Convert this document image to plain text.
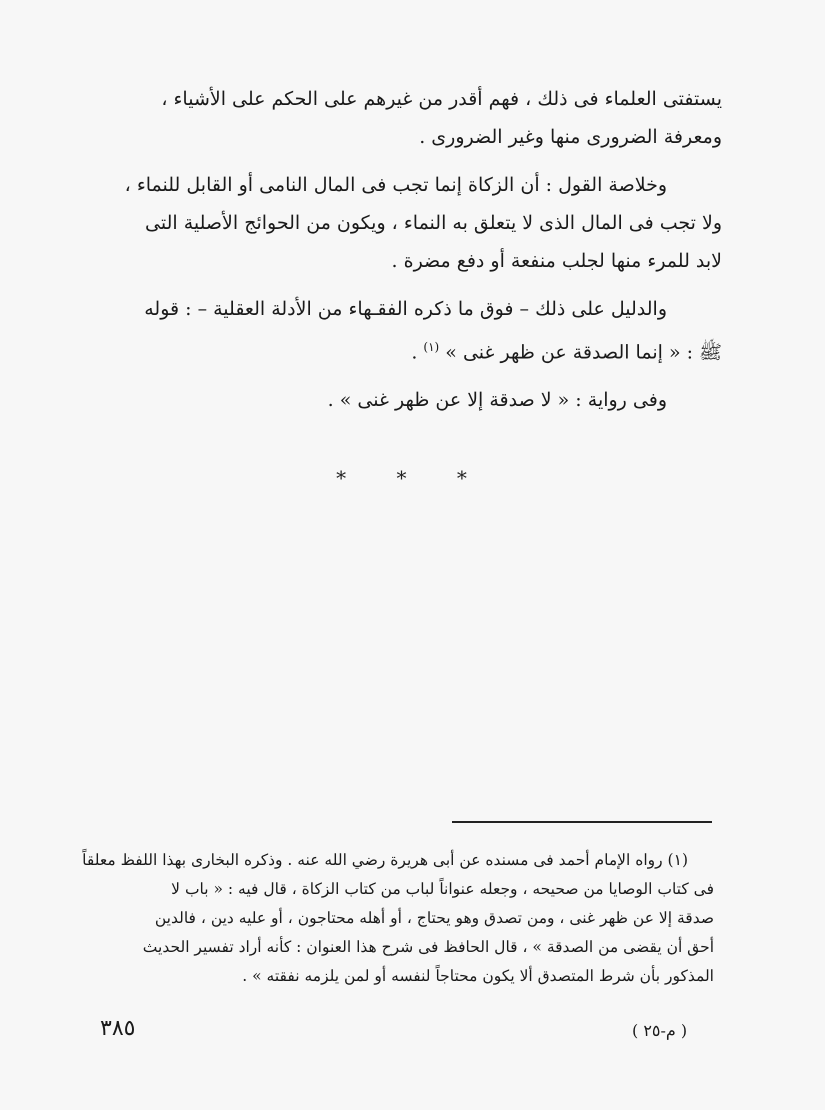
يستفتى العلماء فى ذلك ، فهم أقدر من غيرهم على الحكم على الأشياء ،
ومعرفة الضرورى منها وغير الضرورى .

وخلاصة القول : أن الزكاة إنما تجب فى المال النامى أو القابل للنماء ،
ولا تجب فى المال الذى لا يتعلق به النماء ، ويكون من الحوائج الأصلية التى
لابد للمرء منها لجلب منفعة أو دفع مضرة .

والدليل على ذلك – فوق ما ذكره الفقـهاء من الأدلة العقلية – : قوله
ﷺ : « إنما الصدقة عن ظهر غنى » $^{(١)}$ .

وفى رواية : « لا صدقة إلا عن ظهر غنى » .

* * *
(١) رواه الإمام أحمد فى مسنده عن أبى هريرة رضي الله عنه . وذكره البخارى بهذا اللفظ معلقاً
فى كتاب الوصايا من صحيحه ، وجعله عنواناً لباب من كتاب الزكاة ، قال فيه : « باب لا
صدقة إلا عن ظهر غنى ، ومن تصدق وهو يحتاج ، أو أهله محتاجون ، أو عليه دين ، فالدين
أحق أن يقضى من الصدقة » ، قال الحافظ فى شرح هذا العنوان : كأنه أراد تفسير الحديث
المذكور بأن شرط المتصدق ألا يكون محتاجاً لنفسه أو لمن يلزمه نفقته » .
٣٨٥	( م-٢٥ )
